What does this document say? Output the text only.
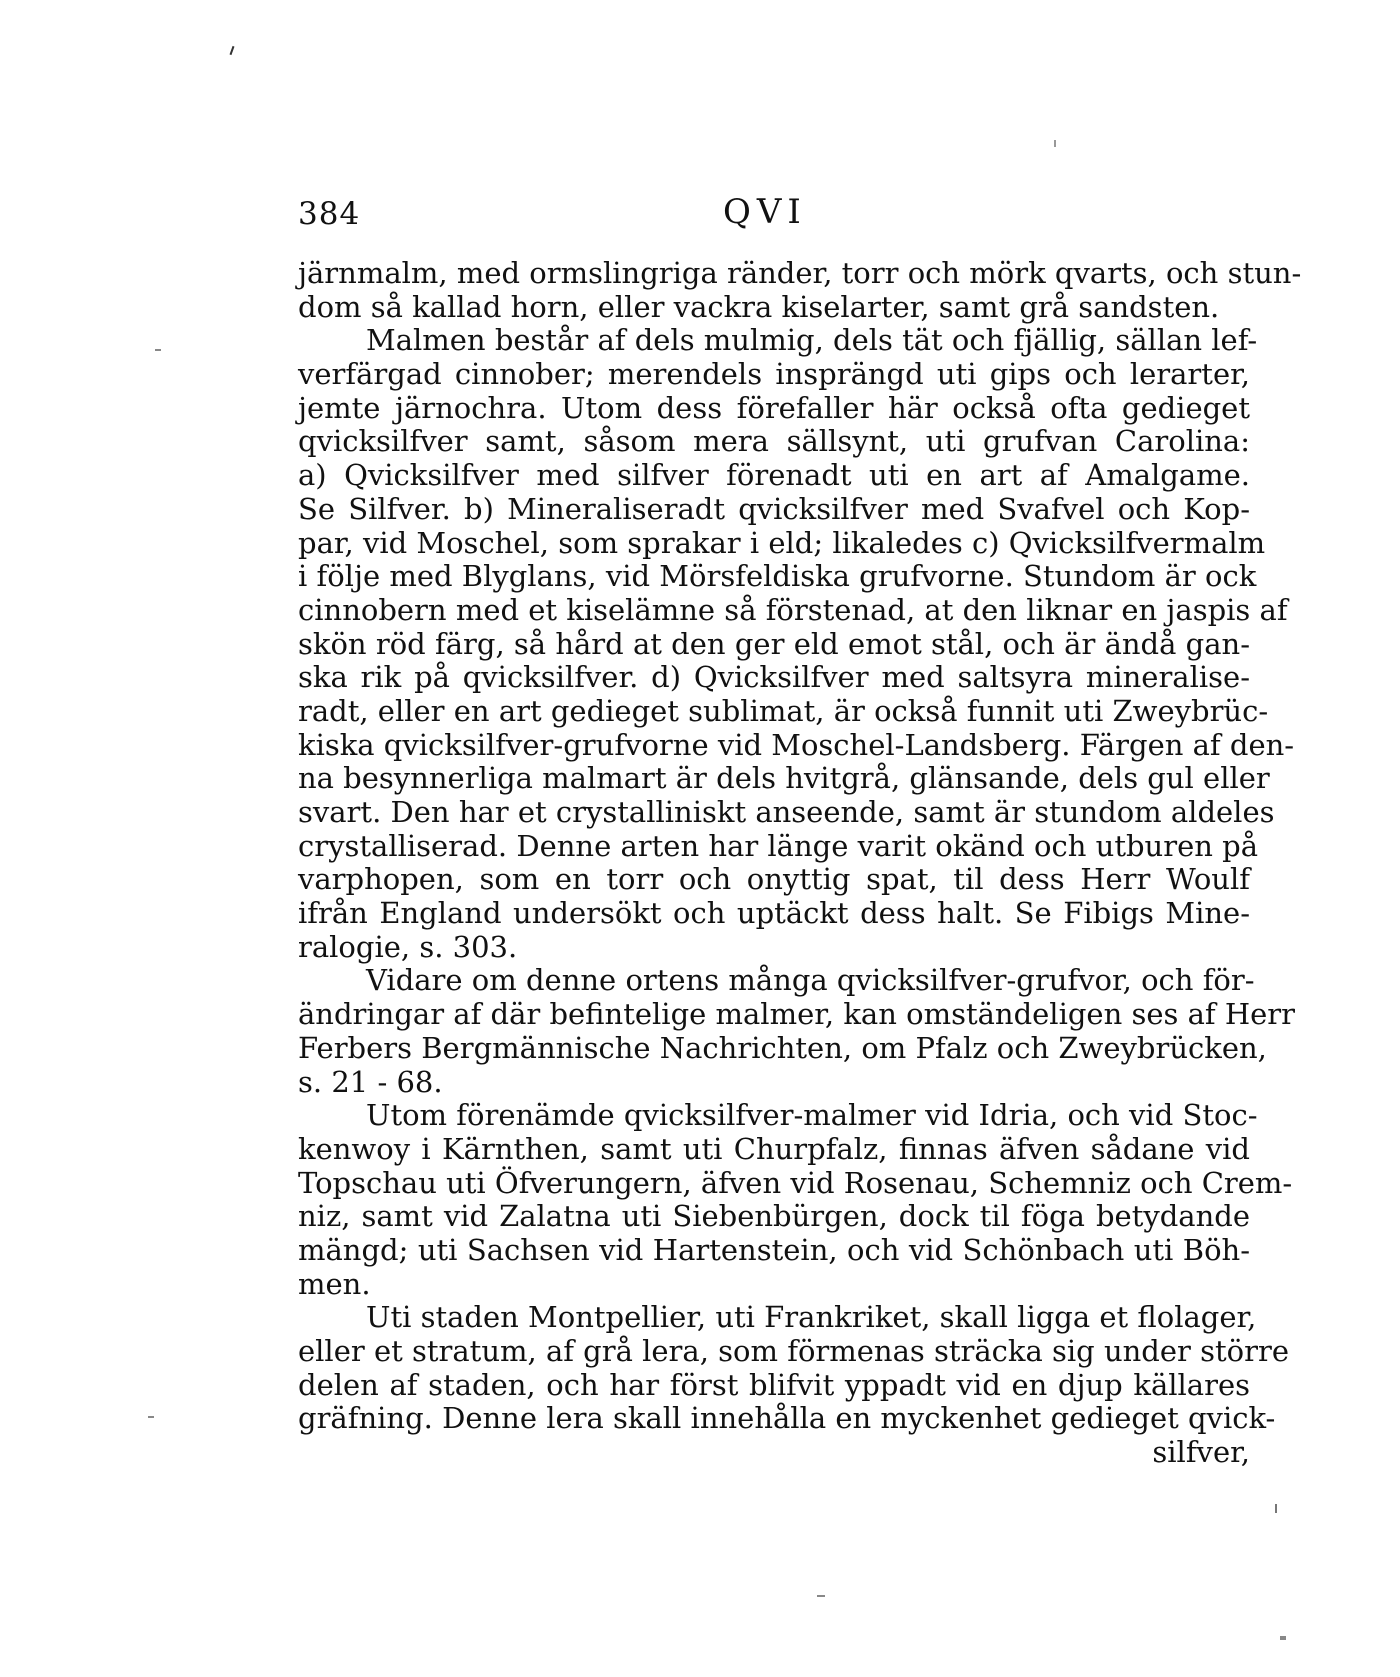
384	QVI
järnmalm, med ormslingriga ränder, torr och mörk qvarts, och stun-
dom så kallad horn, eller vackra kiselarter, samt grå sandsten.
Malmen består af dels mulmig, dels tät och fjällig, sällan lef-
verfärgad cinnober; merendels insprängd uti gips och lerarter,
jemte järnochra. Utom dess förefaller här också ofta gedieget
qvicksilfver samt, såsom mera sällsynt, uti grufvan Carolina:
a) Qvicksilfver med silfver förenadt uti en art af Amalgame.
Se Silfver. b) Mineraliseradt qvicksilfver med Svafvel och Kop-
par, vid Moschel, som sprakar i eld; likaledes c) Qvicksilfvermalm
i följe med Blyglans, vid Mörsfeldiska grufvorne. Stundom är ock
cinnobern med et kiselämne så förstenad, at den liknar en jaspis af
skön röd färg, så hård at den ger eld emot stål, och är ändå gan-
ska rik på qvicksilfver. d) Qvicksilfver med saltsyra mineralise-
radt, eller en art gedieget sublimat, är också funnit uti Zweybrüc-
kiska qvicksilfver-grufvorne vid Moschel-Landsberg. Färgen af den-
na besynnerliga malmart är dels hvitgrå, glänsande, dels gul eller
svart. Den har et crystalliniskt anseende, samt är stundom aldeles
crystalliserad. Denne arten har länge varit okänd och utburen på
varphopen, som en torr och onyttig spat, til dess Herr Woulf
ifrån England undersökt och uptäckt dess halt. Se Fibigs Mine-
ralogie, s. 303.
Vidare om denne ortens många qvicksilfver-grufvor, och för-
ändringar af där befintelige malmer, kan omständeligen ses af Herr
Ferbers Bergmännische Nachrichten, om Pfalz och Zweybrücken,
s. 21 - 68.
Utom förenämde qvicksilfver-malmer vid Idria, och vid Stoc-
kenwoy i Kärnthen, samt uti Churpfalz, finnas äfven sådane vid
Topschau uti Öfverungern, äfven vid Rosenau, Schemniz och Crem-
niz, samt vid Zalatna uti Siebenbürgen, dock til föga betydande
mängd; uti Sachsen vid Hartenstein, och vid Schönbach uti Böh-
men.
Uti staden Montpellier, uti Frankriket, skall ligga et flolager,
eller et stratum, af grå lera, som förmenas sträcka sig under större
delen af staden, och har först blifvit yppadt vid en djup källares
gräfning. Denne lera skall innehålla en myckenhet gedieget qvick-
silfver,
